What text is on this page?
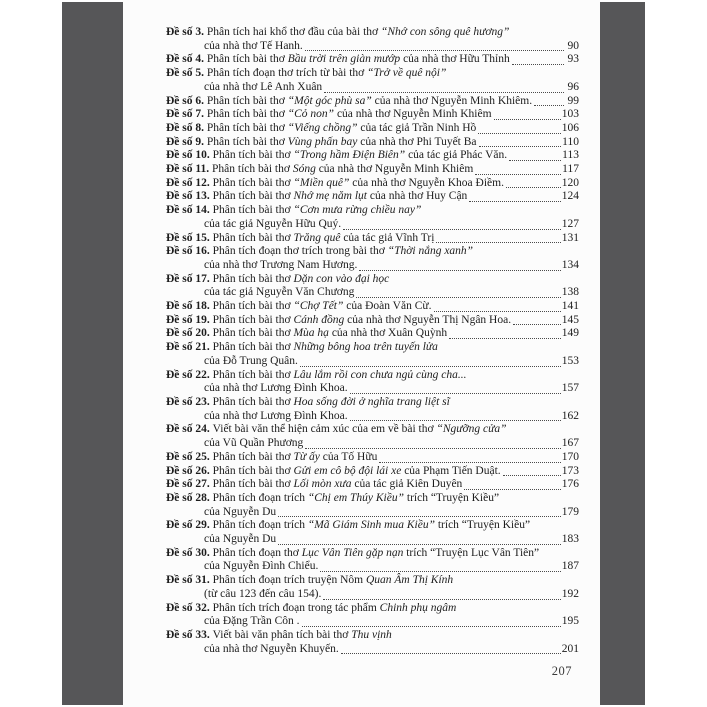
Đề số 3. Phân tích hai khổ thơ đầu của bài thơ “Nhớ con sông quê hương”
của nhà thơ Tế Hanh.	90
Đề số 4. Phân tích bài thơ Bầu trời trên giàn mướp của nhà thơ Hữu Thỉnh	93
Đề số 5. Phân tích đoạn thơ trích từ bài thơ “Trở về quê nội”
của nhà thơ Lê Anh Xuân	96
Đề số 6. Phân tích bài thơ “Một góc phù sa” của nhà thơ Nguyễn Minh Khiêm.	99
Đề số 7. Phân tích bài thơ “Cỏ non” của nhà thơ Nguyễn Minh Khiêm	103
Đề số 8. Phân tích bài thơ “Viếng chồng” của tác giả Trần Ninh Hồ	106
Đề số 9. Phân tích bài thơ Vùng phấn bay của nhà thơ Phi Tuyết Ba	110
Đề số 10. Phân tích bài thơ “Trong hầm Điện Biên” của tác giả Phác Văn.	113
Đề số 11. Phân tích bài thơ Sóng của nhà thơ Nguyễn Minh Khiêm	117
Đề số 12. Phân tích bài thơ “Miền quê” của nhà thơ Nguyễn Khoa Điềm.	120
Đề số 13. Phân tích bài thơ Nhớ mẹ năm lụt của nhà thơ Huy Cận	124
Đề số 14. Phân tích bài thơ “Cơn mưa rừng chiều nay”
của tác giả Nguyễn Hữu Quý.	127
Đề số 15. Phân tích bài thơ Trăng quê của tác giả Vĩnh Trị	131
Đề số 16. Phân tích đoạn thơ trích trong bài thơ “Thời nắng xanh”
của nhà thơ Trương Nam Hương.	134
Đề số 17. Phân tích bài thơ Dặn con vào đại học
của tác giả Nguyễn Văn Chương	138
Đề số 18. Phân tích bài thơ “Chợ Tết” của Đoàn Văn Cừ.	141
Đề số 19. Phân tích bài thơ Cánh đồng của nhà thơ Nguyễn Thị Ngân Hoa.	145
Đề số 20. Phân tích bài thơ Mùa hạ của nhà thơ Xuân Quỳnh	149
Đề số 21. Phân tích bài thơ Những bông hoa trên tuyến lửa
của Đỗ Trung Quân.	153
Đề số 22. Phân tích bài thơ Lâu lắm rồi con chưa ngủ cùng cha...
của nhà thơ Lương Đình Khoa.	157
Đề số 23. Phân tích bài thơ Hoa sống đời ở nghĩa trang liệt sĩ
của nhà thơ Lương Đình Khoa.	162
Đề số 24. Viết bài văn thể hiện cảm xúc của em về bài thơ “Ngưỡng cửa”
của Vũ Quần Phương	167
Đề số 25. Phân tích bài thơ Từ ấy của Tố Hữu	170
Đề số 26. Phân tích bài thơ Gửi em cô bộ đội lái xe của Phạm Tiến Duật.	173
Đề số 27. Phân tích bài thơ Lối mòn xưa của tác giả Kiên Duyên	176
Đề số 28. Phân tích đoạn trích “Chị em Thúy Kiều” trích “Truyện Kiều”
của Nguyễn Du	179
Đề số 29. Phân tích đoạn trích “Mã Giám Sinh mua Kiều” trích “Truyện Kiều”
của Nguyễn Du	183
Đề số 30. Phân tích đoạn thơ Lục Vân Tiên gặp nạn trích “Truyện Lục Vân Tiên”
của Nguyễn Đình Chiểu.	187
Đề số 31. Phân tích đoạn trích truyện Nôm Quan Âm Thị Kính
(từ câu 123 đến câu 154).	192
Đề số 32. Phân tích trích đoạn trong tác phẩm Chinh phụ ngâm
của Đặng Trần Côn .	195
Đề số 33. Viết bài văn phân tích bài thơ Thu vịnh
của nhà thơ Nguyễn Khuyến.	201
207
